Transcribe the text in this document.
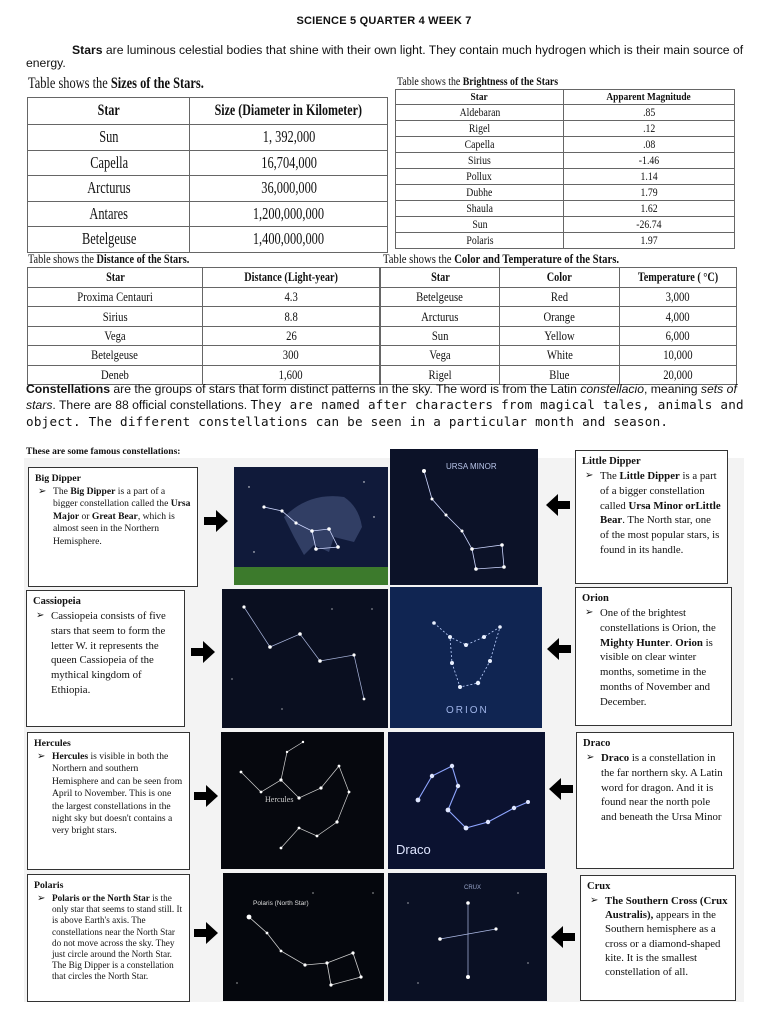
SCIENCE 5 QUARTER 4 WEEK 7
Stars are luminous celestial bodies that shine with their own light. They contain much hydrogen which is their main source of energy.
Table shows the Sizes of the Stars.
Star	Size (Diameter in Kilometer)
Sun	1, 392,000
Capella	16,704,000
Arcturus	36,000,000
Antares	1,200,000,000
Betelgeuse	1,400,000,000
Table shows the Brightness of the Stars
Star	Apparent Magnitude
Aldebaran	.85
Rigel	.12
Capella	.08
Sirius	-1.46
Pollux	1.14
Dubhe	1.79
Shaula	1.62
Sun	-26.74
Polaris	1.97
Table shows the Distance of the Stars.
Star	Distance (Light-year)
Proxima Centauri	4.3
Sirius	8.8
Vega	26
Betelgeuse	300
Deneb	1,600
Table shows the Color and Temperature of the Stars.
Star	Color	Temperature ( °C)
Betelgeuse	Red	3,000
Arcturus	Orange	4,000
Sun	Yellow	6,000
Vega	White	10,000
Rigel	Blue	20,000
Constellations are the groups of stars that form distinct patterns in the sky. The word is from the Latin constellacio, meaning sets of stars. There are 88 official constellations. They are named after characters from magical tales, animals and object. The different constellations can be seen in a particular month and season.
These are some famous constellations:
Big Dipper
➢ The Big Dipper is a part of a bigger constellation called the Ursa Major or Great Bear, which is almost seen in the Northern Hemisphere.
URSA MINOR	Little Dipper
➢ The Little Dipper is a part of a bigger constellation called Ursa Minor orLittle Bear. The North star, one of the most popular stars, is found in its handle.
Cassiopeia
➢ Cassiopeia consists of five stars that seem to form the letter W. it represents the queen Cassiopeia of the mythical kingdom of Ethiopia.
ORION
Orion
➢ One of the brightest constellations is Orion, the Mighty Hunter. Orion is visible on clear winter months, sometime in the months of November and December.
Hercules
➢ Hercules is visible in both the Northern and southern Hemisphere and can be seen from April to November. This is one the largest constellations in the night sky but doesn't contains a very bright stars.
Hercules
Draco
Draco
➢ Draco is a constellation in the far northern sky. A Latin word for dragon. And it is found near the north pole and beneath the Ursa Minor
Polaris
➢ Polaris or the North Star is the only star that seems to stand still. It is above Earth's axis. The constellations near the North Star do not move across the sky. They just circle around the North Star. The Big Dipper is a constellation that circles the North Star.
Polaris (North Star)
CRUX	Crux
➢ The Southern Cross (Crux Australis), appears in the Southern hemisphere as a cross or a diamond-shaped kite. It is the smallest constellation of all.
